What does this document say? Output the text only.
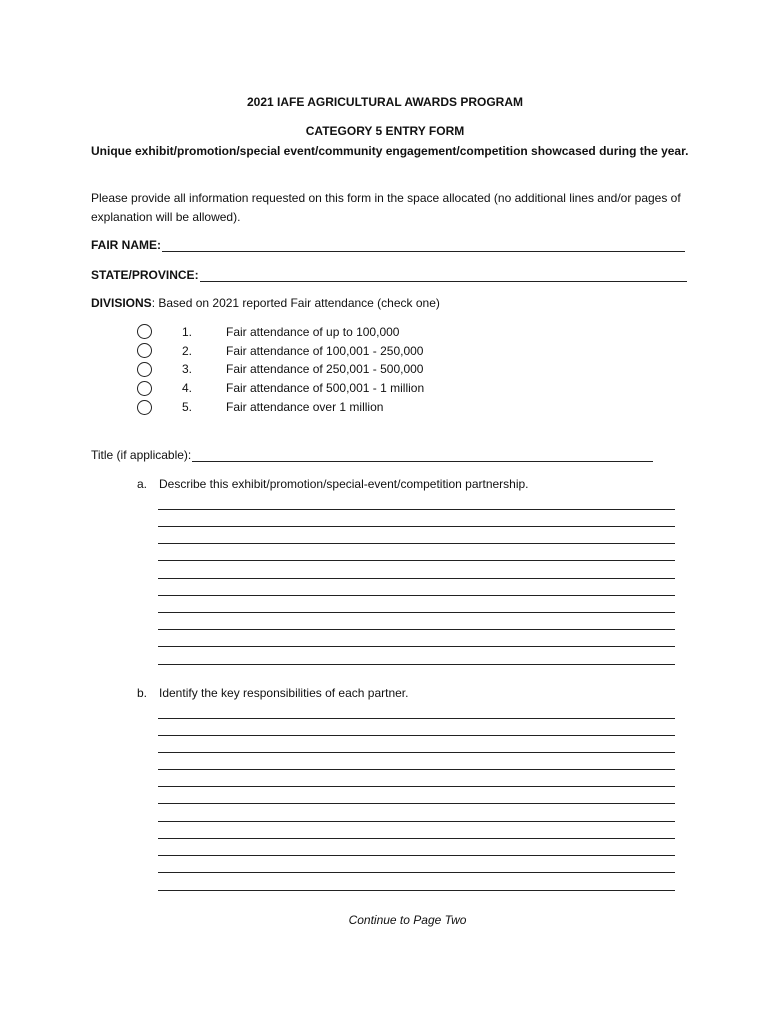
2021 IAFE AGRICULTURAL AWARDS PROGRAM
CATEGORY 5 ENTRY FORM
Unique exhibit/promotion/special event/community engagement/competition showcased during the year.
Please provide all information requested on this form in the space allocated (no additional lines and/or pages of explanation will be allowed).
FAIR NAME:
STATE/PROVINCE:
DIVISIONS: Based on 2021 reported Fair attendance (check one)
1.	Fair attendance of up to 100,000
2.	Fair attendance of 100,001 - 250,000
3.	Fair attendance of 250,001 - 500,000
4.	Fair attendance of 500,001 - 1 million
5.	Fair attendance over 1 million
Title (if applicable):
a. Describe this exhibit/promotion/special-event/competition partnership.
b. Identify the key responsibilities of each partner.
Continue to Page Two
